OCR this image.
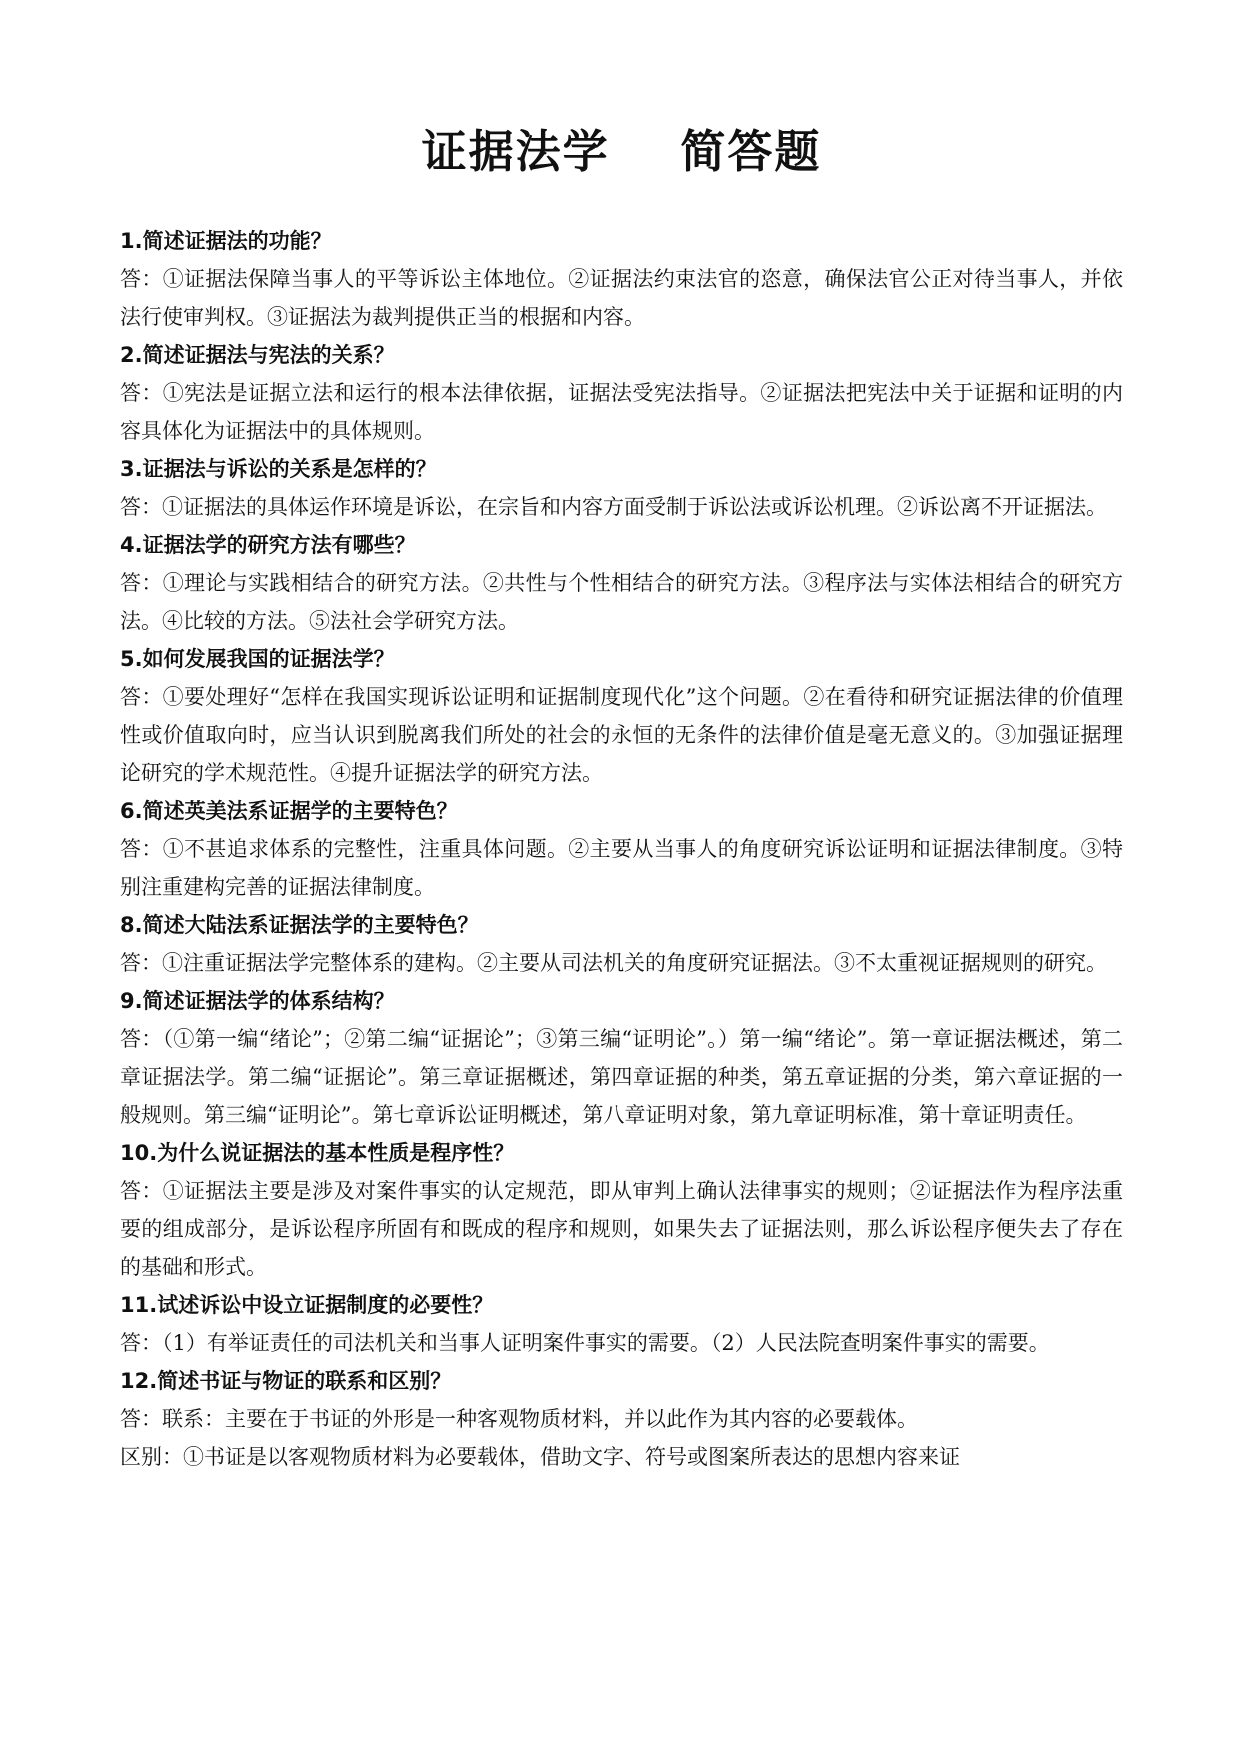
证据法学    简答题

1.简述证据法的功能？

答：①证据法保障当事人的平等诉讼主体地位。②证据法约束法官的恣意，确保法官公正对待当事人，并依法行使审判权。③证据法为裁判提供正当的根据和内容。

2.简述证据法与宪法的关系？

答：①宪法是证据立法和运行的根本法律依据，证据法受宪法指导。②证据法把宪法中关于证据和证明的内容具体化为证据法中的具体规则。

3.证据法与诉讼的关系是怎样的？

答：①证据法的具体运作环境是诉讼，在宗旨和内容方面受制于诉讼法或诉讼机理。②诉讼离不开证据法。

4.证据法学的研究方法有哪些？

答：①理论与实践相结合的研究方法。②共性与个性相结合的研究方法。③程序法与实体法相结合的研究方法。④比较的方法。⑤法社会学研究方法。

5.如何发展我国的证据法学？

答：①要处理好“怎样在我国实现诉讼证明和证据制度现代化”这个问题。②在看待和研究证据法律的价值理性或价值取向时，应当认识到脱离我们所处的社会的永恒的无条件的法律价值是毫无意义的。③加强证据理论研究的学术规范性。④提升证据法学的研究方法。

6.简述英美法系证据学的主要特色？

答：①不甚追求体系的完整性，注重具体问题。②主要从当事人的角度研究诉讼证明和证据法律制度。③特别注重建构完善的证据法律制度。

8.简述大陆法系证据法学的主要特色？

答：①注重证据法学完整体系的建构。②主要从司法机关的角度研究证据法。③不太重视证据规则的研究。

9.简述证据法学的体系结构？

答：（①第一编“绪论”；②第二编“证据论”；③第三编“证明论”。）第一编“绪论”。第一章证据法概述，第二章证据法学。第二编“证据论”。第三章证据概述，第四章证据的种类，第五章证据的分类，第六章证据的一般规则。第三编“证明论”。第七章诉讼证明概述，第八章证明对象，第九章证明标准，第十章证明责任。

10.为什么说证据法的基本性质是程序性？

答：①证据法主要是涉及对案件事实的认定规范，即从审判上确认法律事实的规则；②证据法作为程序法重要的组成部分，是诉讼程序所固有和既成的程序和规则，如果失去了证据法则，那么诉讼程序便失去了存在的基础和形式。

11.试述诉讼中设立证据制度的必要性？

答：（1）有举证责任的司法机关和当事人证明案件事实的需要。（2）人民法院查明案件事实的需要。

12.简述书证与物证的联系和区别？

答：联系：主要在于书证的外形是一种客观物质材料，并以此作为其内容的必要载体。

区别：①书证是以客观物质材料为必要载体，借助文字、符号或图案所表达的思想内容来证
